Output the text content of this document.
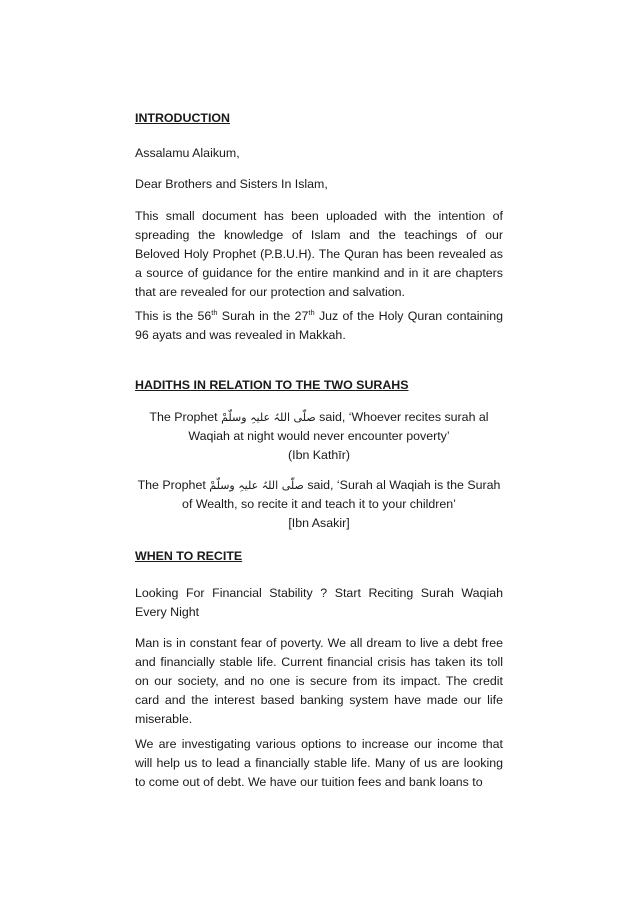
INTRODUCTION

Assalamu Alaikum,

Dear Brothers and Sisters In Islam,

This small document has been uploaded with the intention of spreading the knowledge of Islam and the teachings of our Beloved Holy Prophet (P.B.U.H). The Quran has been revealed as a source of guidance for the entire mankind and in it are chapters that are revealed for our protection and salvation.

This is the 56th Surah in the 27th Juz of the Holy Quran containing 96 ayats and was revealed in Makkah.

HADITHS IN RELATION TO THE TWO SURAHS

The Prophet صلّی اللہُ علیہِ وسلّمْ said, ‘Whoever recites surah al

Waqiah at night would never encounter poverty’

(Ibn Kathīr)

The Prophet صلّی اللہُ علیہِ وسلّمْ said, ‘Surah al Waqiah is the Surah

of Wealth, so recite it and teach it to your children’

[Ibn Asakir]

WHEN TO RECITE

Looking For Financial Stability ? Start Reciting Surah Waqiah Every Night

Man is in constant fear of poverty. We all dream to live a debt free and financially stable life. Current financial crisis has taken its toll on our society, and no one is secure from its impact. The credit card and the interest based banking system have made our life miserable.

We are investigating various options to increase our income that will help us to lead a financially stable life. Many of us are looking to come out of debt. We have our tuition fees and bank loans to
